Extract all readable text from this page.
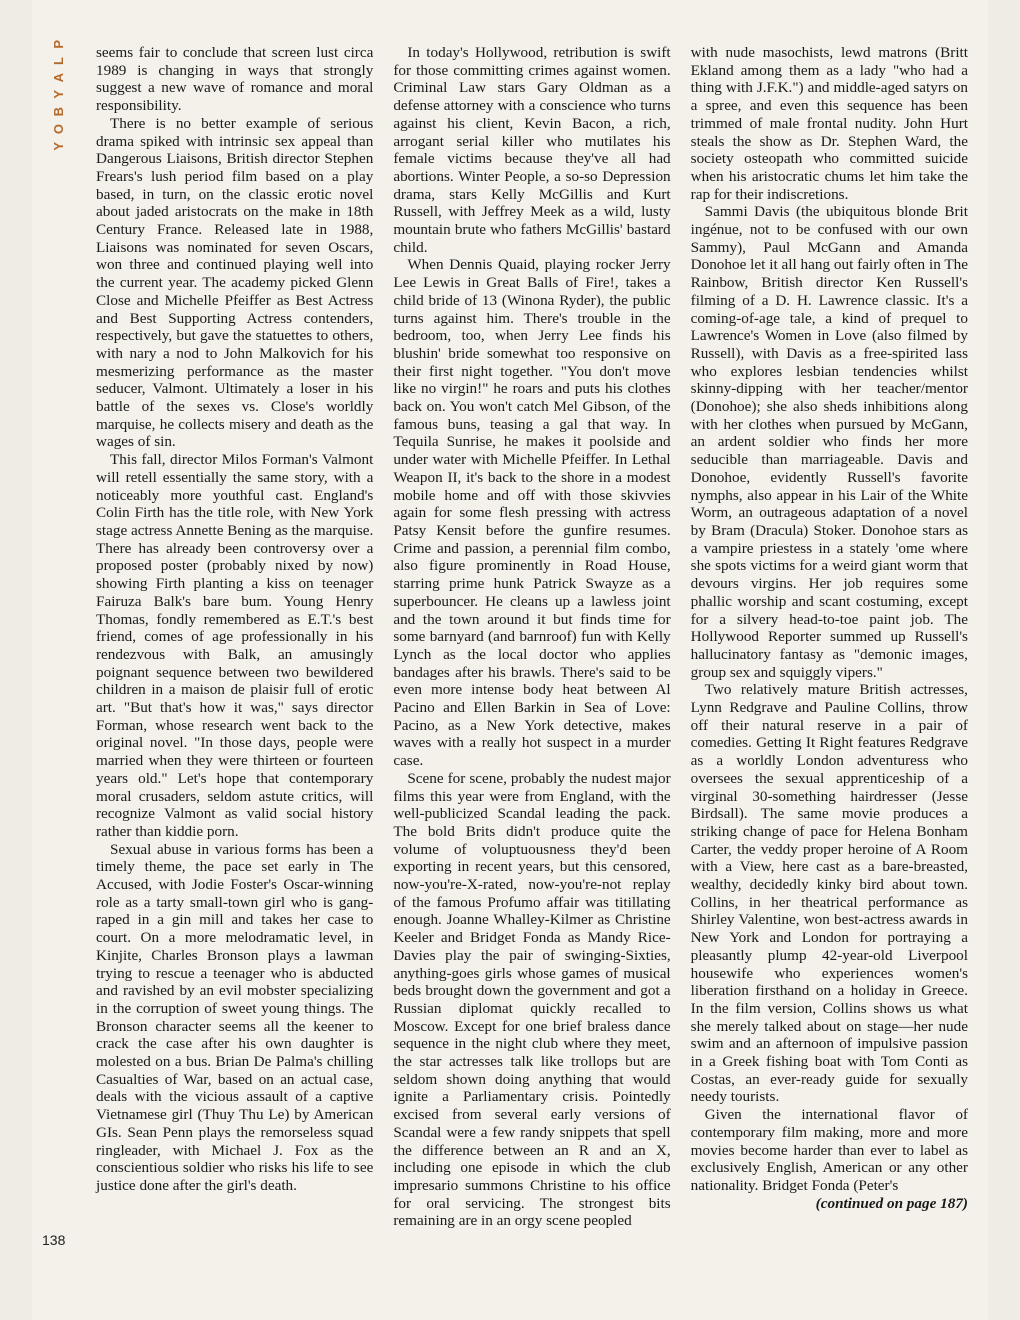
P
L
A
Y
B
O
Y

seems fair to conclude that screen lust circa 1989 is changing in ways that strongly suggest a new wave of romance and moral responsibility.

There is no better example of serious drama spiked with intrinsic sex appeal than Dangerous Liaisons, British director Stephen Frears's lush period film based on a play based, in turn, on the classic erotic novel about jaded aristocrats on the make in 18th Century France. Released late in 1988, Liaisons was nominated for seven Oscars, won three and continued playing well into the current year. The academy picked Glenn Close and Michelle Pfeiffer as Best Actress and Best Supporting Actress contenders, respectively, but gave the statuettes to others, with nary a nod to John Malkovich for his mesmerizing performance as the master seducer, Valmont. Ultimately a loser in his battle of the sexes vs. Close's worldly marquise, he collects misery and death as the wages of sin.

This fall, director Milos Forman's Valmont will retell essentially the same story, with a noticeably more youthful cast. England's Colin Firth has the title role, with New York stage actress Annette Bening as the marquise. There has already been controversy over a proposed poster (probably nixed by now) showing Firth planting a kiss on teenager Fairuza Balk's bare bum. Young Henry Thomas, fondly remembered as E.T.'s best friend, comes of age professionally in his rendezvous with Balk, an amusingly poignant sequence between two bewildered children in a maison de plaisir full of erotic art. "But that's how it was," says director Forman, whose research went back to the original novel. "In those days, people were married when they were thirteen or fourteen years old." Let's hope that contemporary moral crusaders, seldom astute critics, will recognize Valmont as valid social history rather than kiddie porn.

Sexual abuse in various forms has been a timely theme, the pace set early in The Accused, with Jodie Foster's Oscar-winning role as a tarty small-town girl who is gang-raped in a gin mill and takes her case to court. On a more melodramatic level, in Kinjite, Charles Bronson plays a lawman trying to rescue a teenager who is abducted and ravished by an evil mobster specializing in the corruption of sweet young things. The Bronson character seems all the keener to crack the case after his own daughter is molested on a bus. Brian De Palma's chilling Casualties of War, based on an actual case, deals with the vicious assault of a captive Vietnamese girl (Thuy Thu Le) by American GIs. Sean Penn plays the remorseless squad ringleader, with Michael J. Fox as the conscientious soldier who risks his life to see justice done after the girl's death.

In today's Hollywood, retribution is swift for those committing crimes against women. Criminal Law stars Gary Oldman as a defense attorney with a conscience who turns against his client, Kevin Bacon, a rich, arrogant serial killer who mutilates his female victims because they've all had abortions. Winter People, a so-so Depression drama, stars Kelly McGillis and Kurt Russell, with Jeffrey Meek as a wild, lusty mountain brute who fathers McGillis' bastard child.

When Dennis Quaid, playing rocker Jerry Lee Lewis in Great Balls of Fire!, takes a child bride of 13 (Winona Ryder), the public turns against him. There's trouble in the bedroom, too, when Jerry Lee finds his blushin' bride somewhat too responsive on their first night together. "You don't move like no virgin!" he roars and puts his clothes back on. You won't catch Mel Gibson, of the famous buns, teasing a gal that way. In Tequila Sunrise, he makes it poolside and under water with Michelle Pfeiffer. In Lethal Weapon II, it's back to the shore in a modest mobile home and off with those skivvies again for some flesh pressing with actress Patsy Kensit before the gunfire resumes. Crime and passion, a perennial film combo, also figure prominently in Road House, starring prime hunk Patrick Swayze as a superbouncer. He cleans up a lawless joint and the town around it but finds time for some barnyard (and barnroof) fun with Kelly Lynch as the local doctor who applies bandages after his brawls. There's said to be even more intense body heat between Al Pacino and Ellen Barkin in Sea of Love: Pacino, as a New York detective, makes waves with a really hot suspect in a murder case.

Scene for scene, probably the nudest major films this year were from England, with the well-publicized Scandal leading the pack. The bold Brits didn't produce quite the volume of voluptuousness they'd been exporting in recent years, but this censored, now-you're-X-rated, now-you're-not replay of the famous Profumo affair was titillating enough. Joanne Whalley-Kilmer as Christine Keeler and Bridget Fonda as Mandy Rice-Davies play the pair of swinging-Sixties, anything-goes girls whose games of musical beds brought down the government and got a Russian diplomat quickly recalled to Moscow. Except for one brief braless dance sequence in the night club where they meet, the star actresses talk like trollops but are seldom shown doing anything that would ignite a Parliamentary crisis. Pointedly excised from several early versions of Scandal were a few randy snippets that spell the difference between an R and an X, including one episode in which the club impresario summons Christine to his office for oral servicing. The strongest bits remaining are in an orgy scene peopled

with nude masochists, lewd matrons (Britt Ekland among them as a lady "who had a thing with J.F.K.") and middle-aged satyrs on a spree, and even this sequence has been trimmed of male frontal nudity. John Hurt steals the show as Dr. Stephen Ward, the society osteopath who committed suicide when his aristocratic chums let him take the rap for their indiscretions.

Sammi Davis (the ubiquitous blonde Brit ingénue, not to be confused with our own Sammy), Paul McGann and Amanda Donohoe let it all hang out fairly often in The Rainbow, British director Ken Russell's filming of a D. H. Lawrence classic. It's a coming-of-age tale, a kind of prequel to Lawrence's Women in Love (also filmed by Russell), with Davis as a free-spirited lass who explores lesbian tendencies whilst skinny-dipping with her teacher/mentor (Donohoe); she also sheds inhibitions along with her clothes when pursued by McGann, an ardent soldier who finds her more seducible than marriageable. Davis and Donohoe, evidently Russell's favorite nymphs, also appear in his Lair of the White Worm, an outrageous adaptation of a novel by Bram (Dracula) Stoker. Donohoe stars as a vampire priestess in a stately 'ome where she spots victims for a weird giant worm that devours virgins. Her job requires some phallic worship and scant costuming, except for a silvery head-to-toe paint job. The Hollywood Reporter summed up Russell's hallucinatory fantasy as "demonic images, group sex and squiggly vipers."

Two relatively mature British actresses, Lynn Redgrave and Pauline Collins, throw off their natural reserve in a pair of comedies. Getting It Right features Redgrave as a worldly London adventuress who oversees the sexual apprenticeship of a virginal 30-something hairdresser (Jesse Birdsall). The same movie produces a striking change of pace for Helena Bonham Carter, the veddy proper heroine of A Room with a View, here cast as a bare-breasted, wealthy, decidedly kinky bird about town. Collins, in her theatrical performance as Shirley Valentine, won best-actress awards in New York and London for portraying a pleasantly plump 42-year-old Liverpool housewife who experiences women's liberation firsthand on a holiday in Greece. In the film version, Collins shows us what she merely talked about on stage—her nude swim and an afternoon of impulsive passion in a Greek fishing boat with Tom Conti as Costas, an ever-ready guide for sexually needy tourists.

Given the international flavor of contemporary film making, more and more movies become harder than ever to label as exclusively English, American or any other nationality. Bridget Fonda (Peter's

(continued on page 187)

138
